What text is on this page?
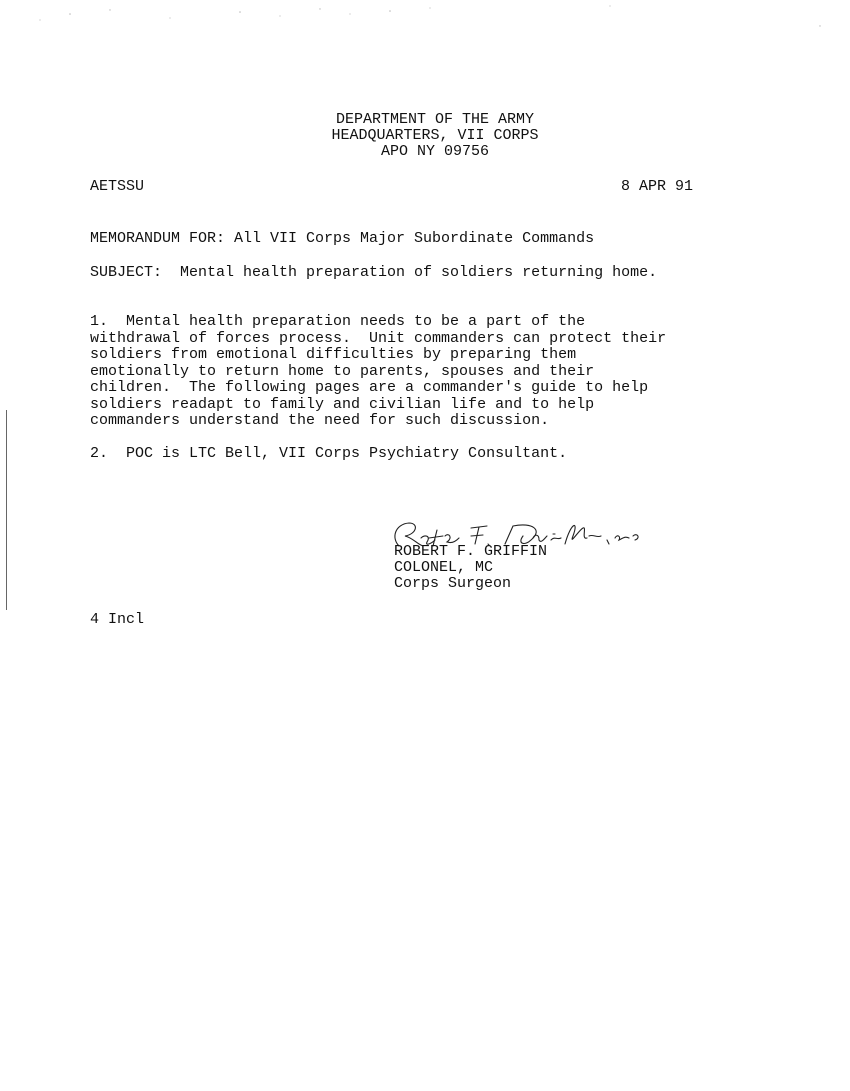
DEPARTMENT OF THE ARMY
HEADQUARTERS, VII CORPS
APO NY 09756
AETSSU	8 APR 91
MEMORANDUM FOR: All VII Corps Major Subordinate Commands
SUBJECT:  Mental health preparation of soldiers returning home.
1.  Mental health preparation needs to be a part of the
withdrawal of forces process.  Unit commanders can protect their
soldiers from emotional difficulties by preparing them
emotionally to return home to parents, spouses and their
children.  The following pages are a commander's guide to help
soldiers readapt to family and civilian life and to help
commanders understand the need for such discussion.
2.  POC is LTC Bell, VII Corps Psychiatry Consultant.
ROBERT F. GRIFFIN
COLONEL, MC
Corps Surgeon
4 Incl
